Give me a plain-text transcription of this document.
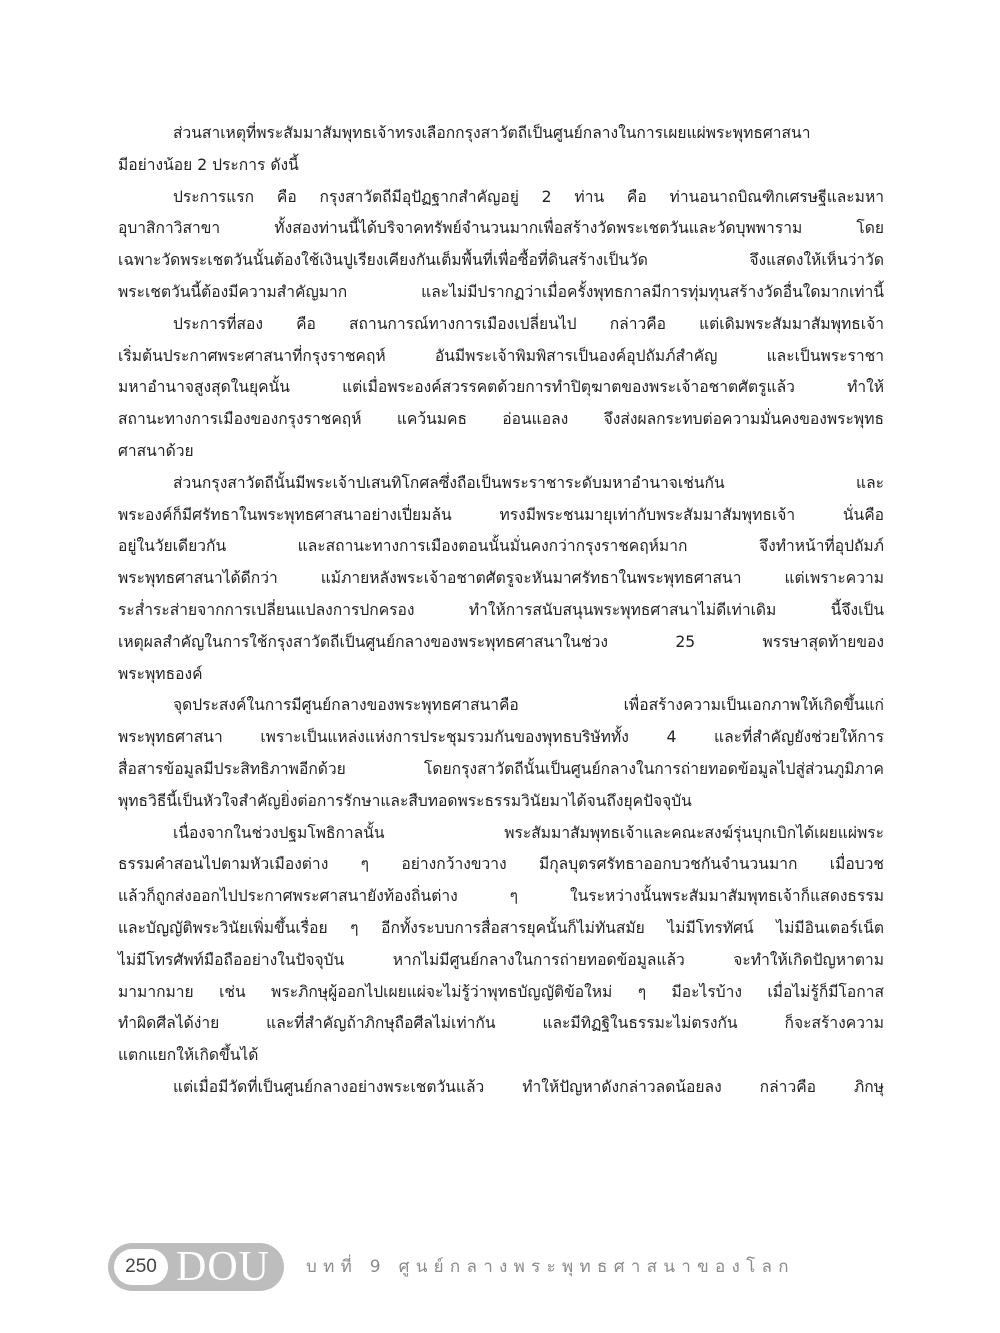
ส่วนสาเหตุที่พระสัมมาสัมพุทธเจ้าทรงเลือกกรุงสาวัตถีเป็นศูนย์กลางในการเผยแผ่พระพุทธศาสนา
มีอย่างน้อย 2 ประการ ดังนี้
ประการแรก คือ กรุงสาวัตถีมีอุปัฏฐากสำคัญอยู่ 2 ท่าน คือ ท่านอนาถบิณฑิกเศรษฐีและมหา
อุบาสิกาวิสาขา ทั้งสองท่านนี้ได้บริจาคทรัพย์จำนวนมากเพื่อสร้างวัดพระเชตวันและวัดบุพพาราม โดย
เฉพาะวัดพระเชตวันนั้นต้องใช้เงินปูเรียงเคียงกันเต็มพื้นที่เพื่อซื้อที่ดินสร้างเป็นวัด จึงแสดงให้เห็นว่าวัด
พระเชตวันนี้ต้องมีความสำคัญมาก และไม่มีปรากฏว่าเมื่อครั้งพุทธกาลมีการทุ่มทุนสร้างวัดอื่นใดมากเท่านี้
ประการที่สอง คือ สถานการณ์ทางการเมืองเปลี่ยนไป กล่าวคือ แต่เดิมพระสัมมาสัมพุทธเจ้า
เริ่มต้นประกาศพระศาสนาที่กรุงราชคฤห์ อันมีพระเจ้าพิมพิสารเป็นองค์อุปถัมภ์สำคัญ และเป็นพระราชา
มหาอำนาจสูงสุดในยุคนั้น แต่เมื่อพระองค์สวรรคตด้วยการทำปิตุฆาตของพระเจ้าอชาตศัตรูแล้ว ทำให้
สถานะทางการเมืองของกรุงราชคฤห์ แคว้นมคธ อ่อนแอลง จึงส่งผลกระทบต่อความมั่นคงของพระพุทธ
ศาสนาด้วย
ส่วนกรุงสาวัตถีนั้นมีพระเจ้าปเสนทิโกศลซึ่งถือเป็นพระราชาระดับมหาอำนาจเช่นกัน และ
พระองค์ก็มีศรัทธาในพระพุทธศาสนาอย่างเปี่ยมล้น ทรงมีพระชนมายุเท่ากับพระสัมมาสัมพุทธเจ้า นั่นคือ
อยู่ในวัยเดียวกัน และสถานะทางการเมืองตอนนั้นมั่นคงกว่ากรุงราชคฤห์มาก จึงทำหน้าที่อุปถัมภ์
พระพุทธศาสนาได้ดีกว่า แม้ภายหลังพระเจ้าอชาตศัตรูจะหันมาศรัทธาในพระพุทธศาสนา แต่เพราะความ
ระส่ำระส่ายจากการเปลี่ยนแปลงการปกครอง ทำให้การสนับสนุนพระพุทธศาสนาไม่ดีเท่าเดิม นี้จึงเป็น
เหตุผลสำคัญในการใช้กรุงสาวัตถีเป็นศูนย์กลางของพระพุทธศาสนาในช่วง 25 พรรษาสุดท้ายของ
พระพุทธองค์
จุดประสงค์ในการมีศูนย์กลางของพระพุทธศาสนาคือ เพื่อสร้างความเป็นเอกภาพให้เกิดขึ้นแก่
พระพุทธศาสนา เพราะเป็นแหล่งแห่งการประชุมรวมกันของพุทธบริษัททั้ง 4 และที่สำคัญยังช่วยให้การ
สื่อสารข้อมูลมีประสิทธิภาพอีกด้วย โดยกรุงสาวัตถีนั้นเป็นศูนย์กลางในการถ่ายทอดข้อมูลไปสู่ส่วนภูมิภาค
พุทธวิธีนี้เป็นหัวใจสำคัญยิ่งต่อการรักษาและสืบทอดพระธรรมวินัยมาได้จนถึงยุคปัจจุบัน
เนื่องจากในช่วงปฐมโพธิกาลนั้น พระสัมมาสัมพุทธเจ้าและคณะสงฆ์รุ่นบุกเบิกได้เผยแผ่พระ
ธรรมคำสอนไปตามหัวเมืองต่าง ๆ อย่างกว้างขวาง มีกุลบุตรศรัทธาออกบวชกันจำนวนมาก เมื่อบวช
แล้วก็ถูกส่งออกไปประกาศพระศาสนายังท้องถิ่นต่าง ๆ ในระหว่างนั้นพระสัมมาสัมพุทธเจ้าก็แสดงธรรม
และบัญญัติพระวินัยเพิ่มขึ้นเรื่อย ๆ อีกทั้งระบบการสื่อสารยุคนั้นก็ไม่ทันสมัย ไม่มีโทรทัศน์ ไม่มีอินเตอร์เน็ต
ไม่มีโทรศัพท์มือถืออย่างในปัจจุบัน หากไม่มีศูนย์กลางในการถ่ายทอดข้อมูลแล้ว จะทำให้เกิดปัญหาตาม
มามากมาย เช่น พระภิกษุผู้ออกไปเผยแผ่จะไม่รู้ว่าพุทธบัญญัติข้อใหม่ ๆ มีอะไรบ้าง เมื่อไม่รู้ก็มีโอกาส
ทำผิดศีลได้ง่าย และที่สำคัญถ้าภิกษุถือศีลไม่เท่ากัน และมีทิฏฐิในธรรมะไม่ตรงกัน ก็จะสร้างความ
แตกแยกให้เกิดขึ้นได้
แต่เมื่อมีวัดที่เป็นศูนย์กลางอย่างพระเชตวันแล้ว ทำให้ปัญหาดังกล่าวลดน้อยลง กล่าวคือ ภิกษุ
250 DOU บทที่ 9 ศูนย์กลางพระพุทธศาสนาของโลก
